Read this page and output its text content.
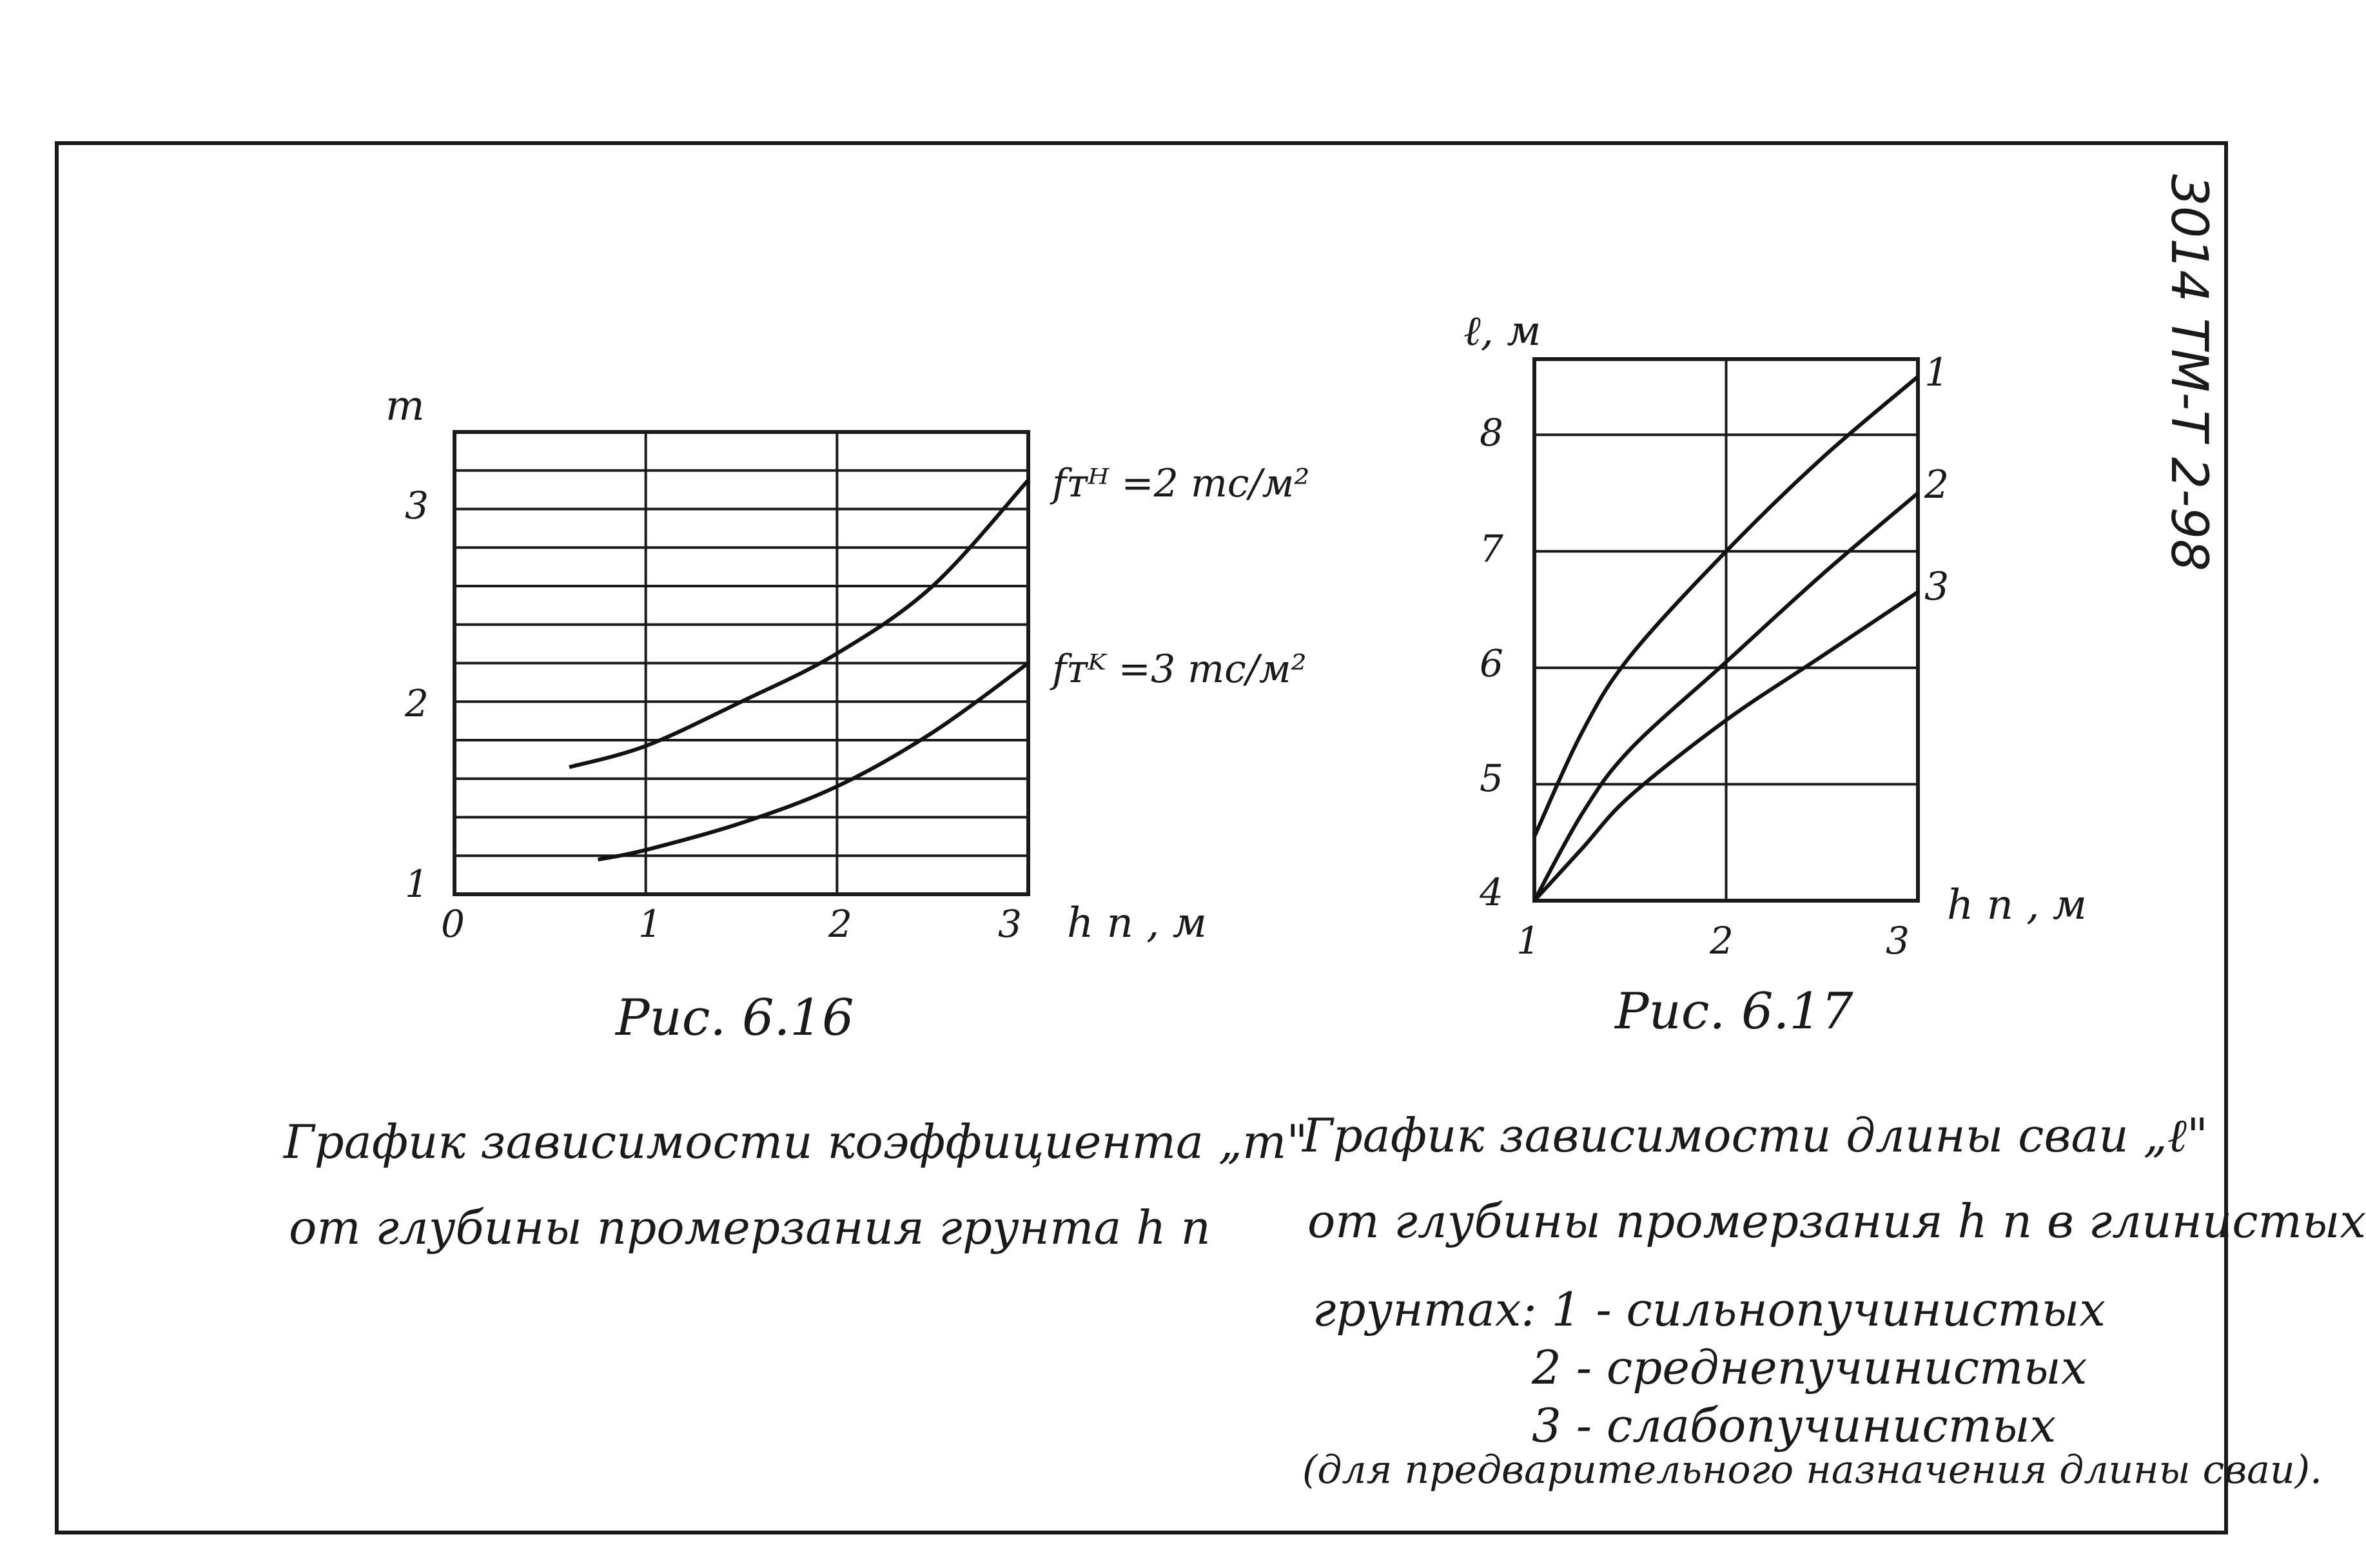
3014 ТМ-Т 2-98
m
3
2
1
0	1	2	3 h п , м
fᴛᴴ =2 тс/м²
fᴛᴷ =3 тс/м²
Рис. 6.16
График зависимости коэффициента „m"
от глубины промерзания грунта h п
ℓ, м
8
7
6
5
4
1	2	3
h п , м
1
2
3
Рис. 6.17
График зависимости длины сваи „ℓ"
от глубины промерзания h п в глинистых
грунтах: 1 - сильнопучинистых
2 - среднепучинистых
3 - слабопучинистых
(для предварительного назначения длины сваи).
